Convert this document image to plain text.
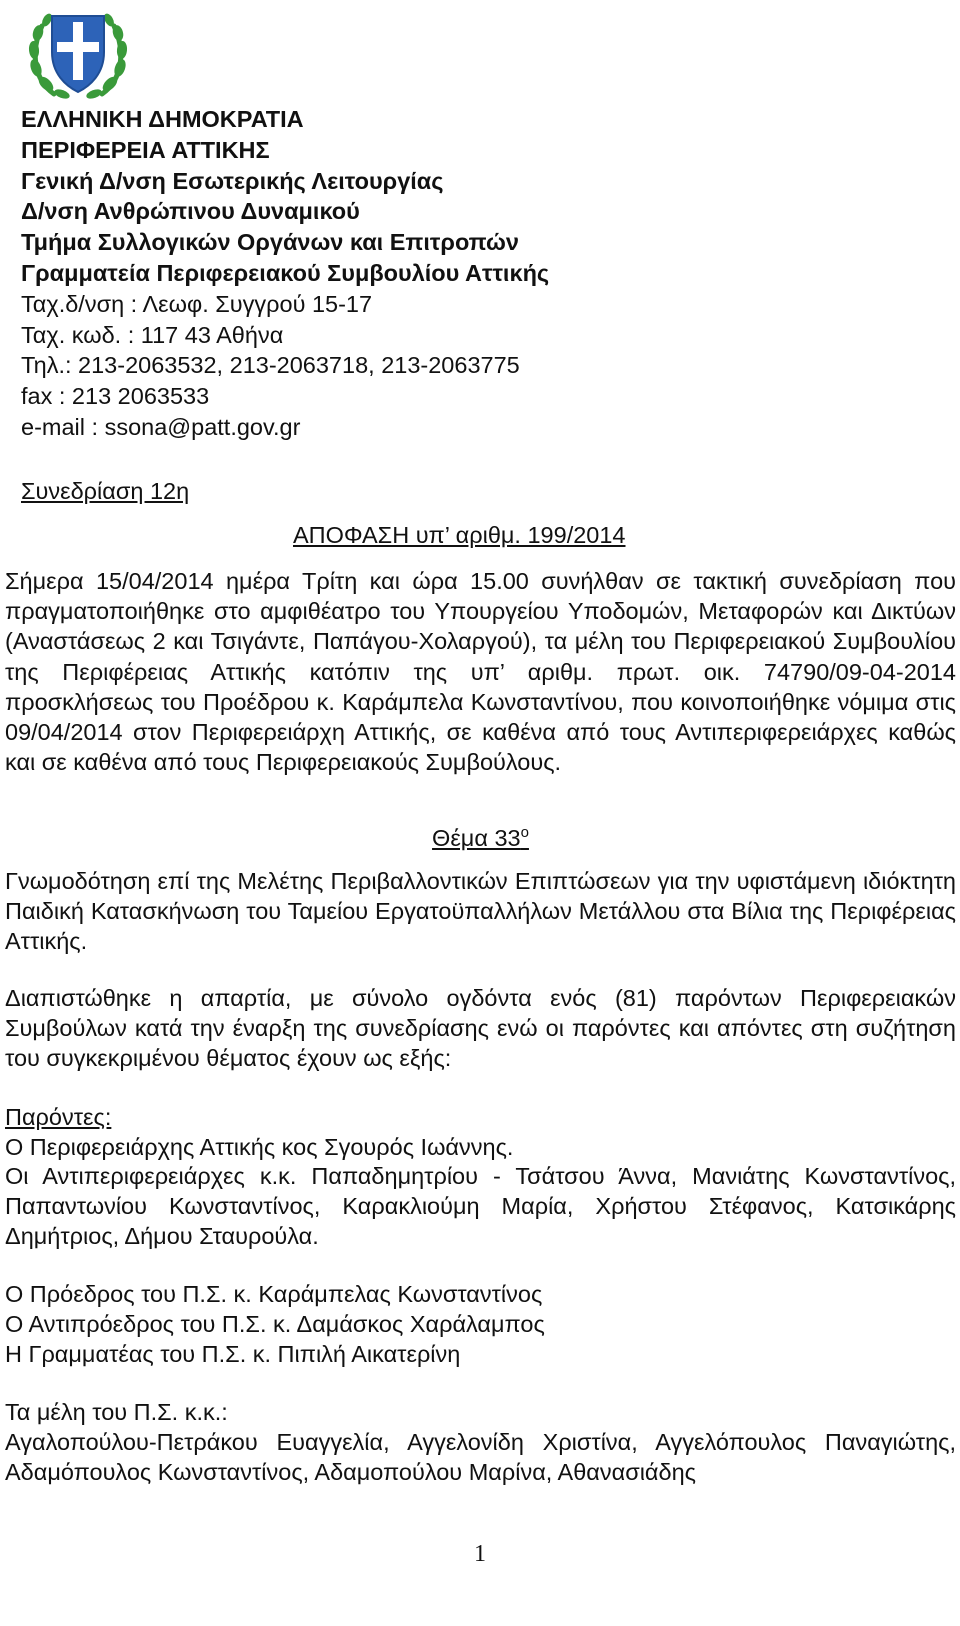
ΕΛΛΗΝΙΚΗ ΔΗΜΟΚΡΑΤΙΑ
ΠΕΡΙΦΕΡΕΙΑ ΑΤΤΙΚΗΣ
Γενική Δ/νση Εσωτερικής Λειτουργίας
Δ/νση Ανθρώπινου Δυναμικού
Τμήμα Συλλογικών Οργάνων και Επιτροπών
Γραμματεία Περιφερειακού Συμβουλίου Αττικής
Ταχ.δ/νση : Λεωφ. Συγγρού 15-17
Ταχ. κωδ. : 117 43 Αθήνα
Τηλ.: 213-2063532, 213-2063718, 213-2063775
fax : 213 2063533
e-mail : ssona@patt.gov.gr
Συνεδρίαση 12η
ΑΠΟΦΑΣΗ υπ’ αριθμ. 199/2014
Σήμερα 15/04/2014 ημέρα Τρίτη και ώρα 15.00 συνήλθαν σε τακτική συνεδρίαση που πραγματοποιήθηκε στο αμφιθέατρο του Υπουργείου Υποδομών, Μεταφορών και Δικτύων (Αναστάσεως 2 και Τσιγάντε, Παπάγου-Χολαργού), τα μέλη του Περιφερειακού Συμβουλίου της Περιφέρειας Αττικής κατόπιν της υπ’ αριθμ. πρωτ. οικ. 74790/09-04-2014 προσκλήσεως του Προέδρου κ. Καράμπελα Κωνσταντίνου, που κοινοποιήθηκε νόμιμα στις 09/04/2014 στον Περιφερειάρχη Αττικής, σε καθένα από τους Αντιπεριφερειάρχες καθώς και σε καθένα από τους Περιφερειακούς Συμβούλους.
Θέμα $33^o$
Γνωμοδότηση επί της Μελέτης Περιβαλλοντικών Επιπτώσεων για την υφιστάμενη ιδιόκτητη Παιδική Κατασκήνωση του Ταμείου Εργατοϋπαλλήλων Μετάλλου στα Βίλια της Περιφέρειας Αττικής.
Διαπιστώθηκε η απαρτία, με σύνολο ογδόντα ενός (81) παρόντων Περιφερειακών Συμβούλων κατά την έναρξη της συνεδρίασης ενώ οι παρόντες και απόντες στη συζήτηση του συγκεκριμένου θέματος έχουν ως εξής:
Παρόντες:
Ο Περιφερειάρχης Αττικής κος Σγουρός Ιωάννης.
Οι Αντιπεριφερειάρχες κ.κ. Παπαδημητρίου - Τσάτσου Άννα, Μανιάτης Κωνσταντίνος, Παπαντωνίου Κωνσταντίνος, Καρακλιούμη Μαρία, Χρήστου Στέφανος, Κατσικάρης Δημήτριος, Δήμου Σταυρούλα.
Ο Πρόεδρος του Π.Σ. κ. Καράμπελας Κωνσταντίνος
Ο Αντιπρόεδρος του Π.Σ. κ. Δαμάσκος Χαράλαμπος
Η Γραμματέας του Π.Σ. κ. Πιπιλή Αικατερίνη
Τα μέλη του Π.Σ. κ.κ.:
Αγαλοπούλου-Πετράκου Ευαγγελία, Αγγελονίδη Χριστίνα, Αγγελόπουλος Παναγιώτης, Αδαμόπουλος Κωνσταντίνος, Αδαμοπούλου Μαρίνα, Αθανασιάδης
1
